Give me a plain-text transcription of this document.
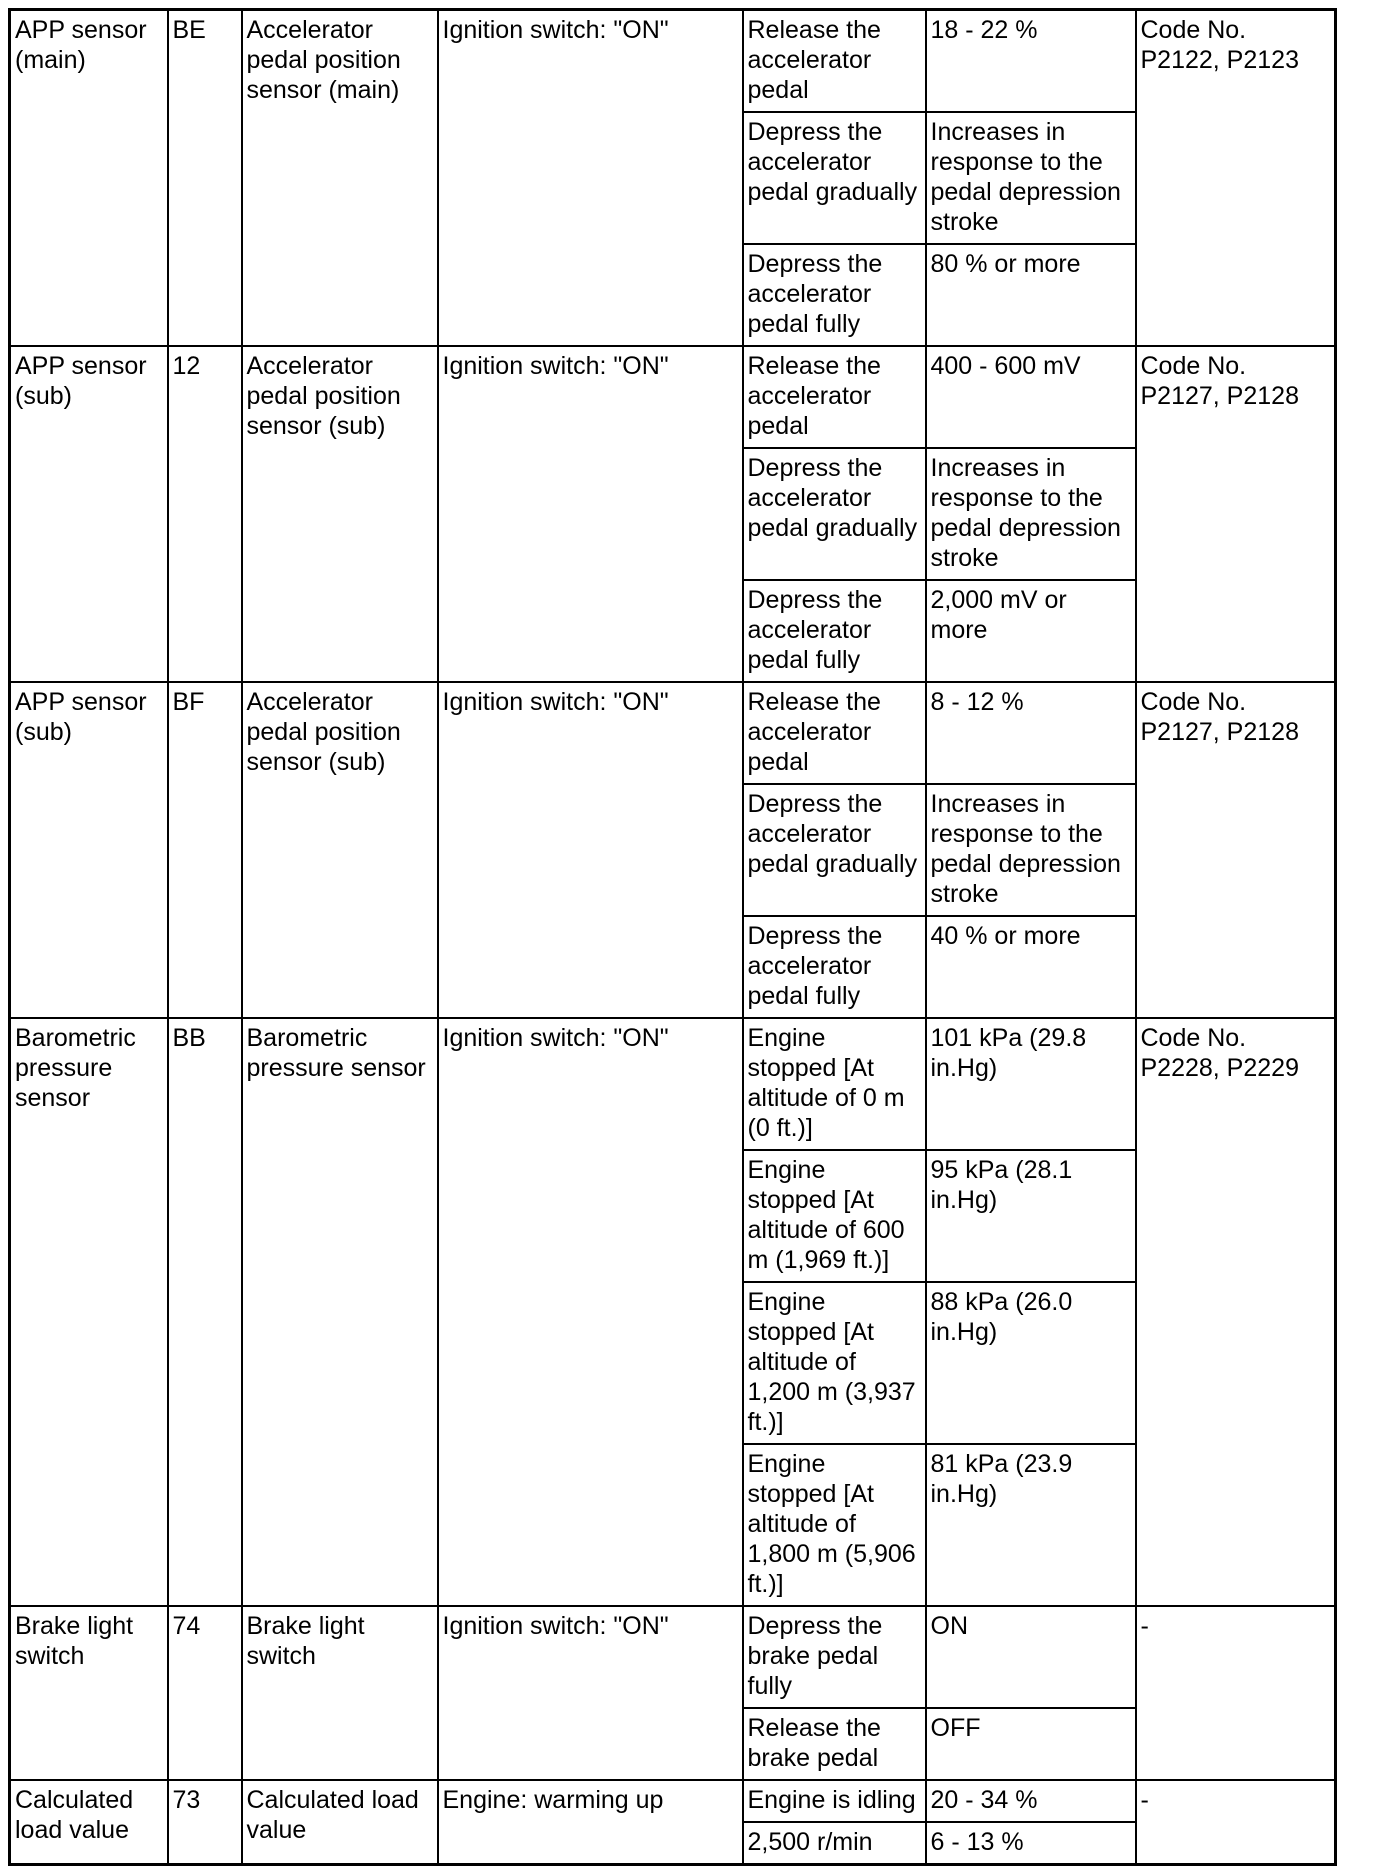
APP sensor (main)	BE	Accelerator pedal position sensor (main)	Ignition switch: "ON"	Release the accelerator pedal	18 - 22 %	Code No. P2122, P2123
				Depress the accelerator pedal gradually	Increases in response to the pedal depression stroke	
				Depress the accelerator pedal fully	80 % or more	
APP sensor (sub)	12	Accelerator pedal position sensor (sub)	Ignition switch: "ON"	Release the accelerator pedal	400 - 600 mV	Code No. P2127, P2128
				Depress the accelerator pedal gradually	Increases in response to the pedal depression stroke	
				Depress the accelerator pedal fully	2,000 mV or more	
APP sensor (sub)	BF	Accelerator pedal position sensor (sub)	Ignition switch: "ON"	Release the accelerator pedal	8 - 12 %	Code No. P2127, P2128
				Depress the accelerator pedal gradually	Increases in response to the pedal depression stroke	
				Depress the accelerator pedal fully	40 % or more	
Barometric pressure sensor	BB	Barometric pressure sensor	Ignition switch: "ON"	Engine stopped [At altitude of 0 m (0 ft.)]	101 kPa (29.8 in.Hg)	Code No. P2228, P2229
				Engine stopped [At altitude of 600 m (1,969 ft.)]	95 kPa (28.1 in.Hg)	
				Engine stopped [At altitude of 1,200 m (3,937 ft.)]	88 kPa (26.0 in.Hg)	
				Engine stopped [At altitude of 1,800 m (5,906 ft.)]	81 kPa (23.9 in.Hg)	
Brake light switch	74	Brake light switch	Ignition switch: "ON"	Depress the brake pedal fully	ON	-
				Release the brake pedal	OFF	
Calculated load value	73	Calculated load value	Engine: warming up	Engine is idling	20 - 34 %	-
				2,500 r/min	6 - 13 %	
